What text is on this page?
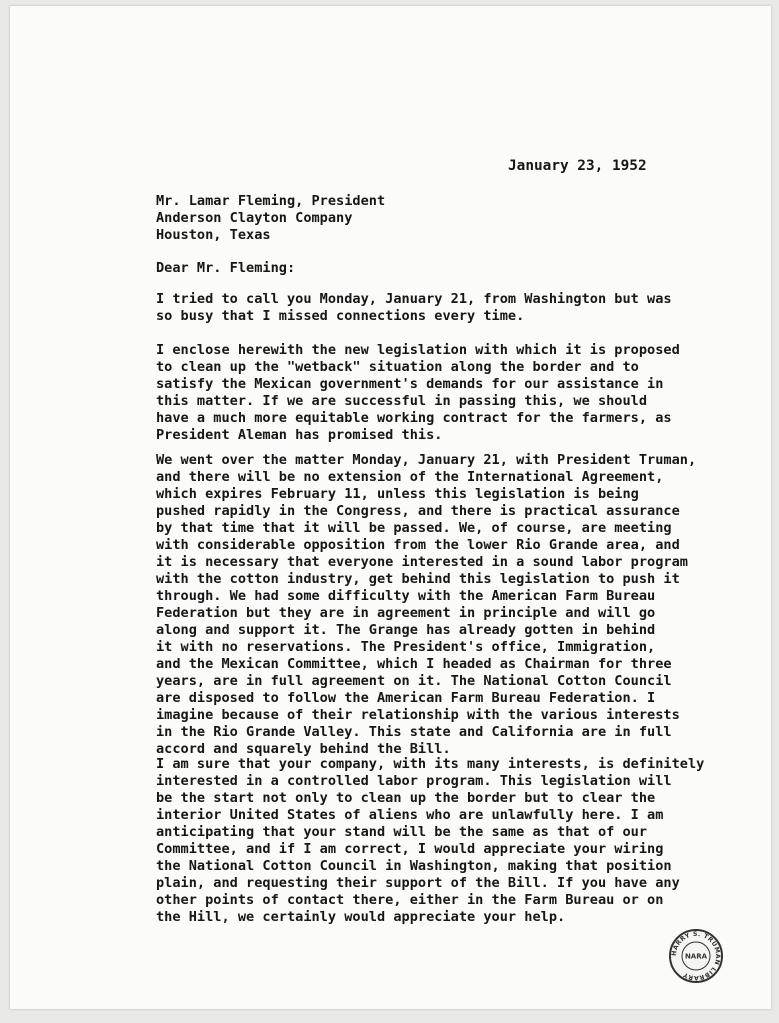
January 23, 1952
Mr. Lamar Fleming, President
Anderson Clayton Company
Houston, Texas
Dear Mr. Fleming:
I tried to call you Monday, January 21, from Washington but was
so busy that I missed connections every time.
I enclose herewith the new legislation with which it is proposed
to clean up the "wetback" situation along the border and to
satisfy the Mexican government's demands for our assistance in
this matter. If we are successful in passing this, we should
have a much more equitable working contract for the farmers, as
President Aleman has promised this.
We went over the matter Monday, January 21, with President Truman,
and there will be no extension of the International Agreement,
which expires February 11, unless this legislation is being
pushed rapidly in the Congress, and there is practical assurance
by that time that it will be passed. We, of course, are meeting
with considerable opposition from the lower Rio Grande area, and
it is necessary that everyone interested in a sound labor program
with the cotton industry, get behind this legislation to push it
through. We had some difficulty with the American Farm Bureau
Federation but they are in agreement in principle and will go
along and support it. The Grange has already gotten in behind
it with no reservations. The President's office, Immigration,
and the Mexican Committee, which I headed as Chairman for three
years, are in full agreement on it. The National Cotton Council
are disposed to follow the American Farm Bureau Federation. I
imagine because of their relationship with the various interests
in the Rio Grande Valley. This state and California are in full
accord and squarely behind the Bill.
I am sure that your company, with its many interests, is definitely
interested in a controlled labor program. This legislation will
be the start not only to clean up the border but to clear the
interior United States of aliens who are unlawfully here. I am
anticipating that your stand will be the same as that of our
Committee, and if I am correct, I would appreciate your wiring
the National Cotton Council in Washington, making that position
plain, and requesting their support of the Bill. If you have any
other points of contact there, either in the Farm Bureau or on
the Hill, we certainly would appreciate your help.
HARRY S. TRUMAN LIBRARY
NARA
